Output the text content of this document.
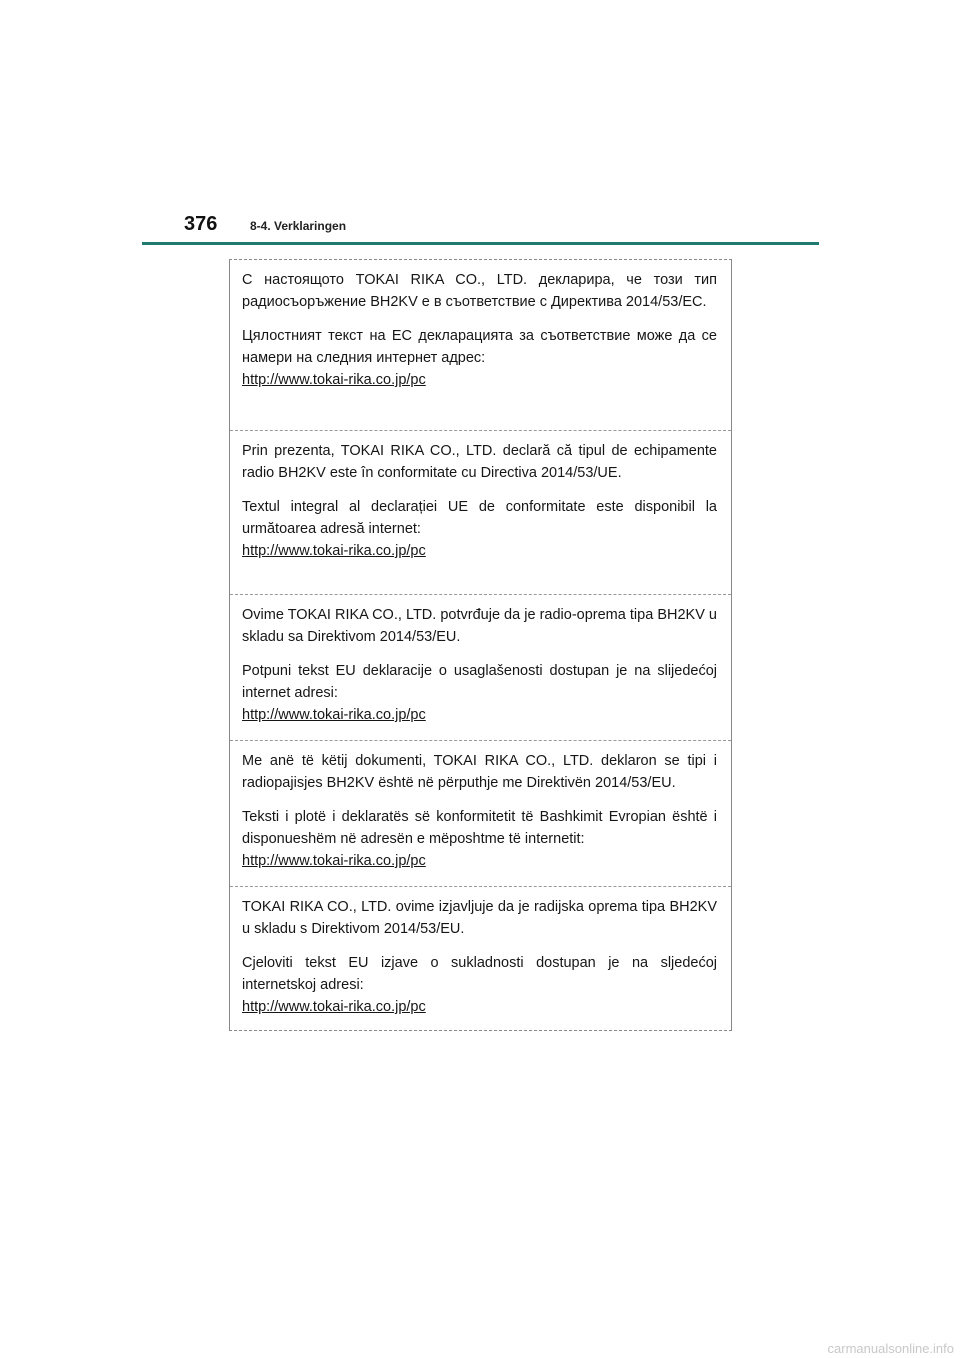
376	8-4. Verklaringen

С настоящото TOKAI RIKA CO., LTD. декларира, че този тип радиосъоръжение BH2KV е в съответствие с Директива 2014/53/ЕС.

Цялостният текст на ЕС декларацията за съответствие може да се намери на следния интернет адрес:

http://www.tokai-rika.co.jp/pc

Prin prezenta, TOKAI RIKA CO., LTD. declară că tipul de echipamente radio BH2KV este în conformitate cu Directiva 2014/53/UE.

Textul integral al declarației UE de conformitate este disponibil la următoarea adresă internet:

http://www.tokai-rika.co.jp/pc

Ovime TOKAI RIKA CO., LTD. potvrđuje da je radio-oprema tipa BH2KV u skladu sa Direktivom 2014/53/EU.

Potpuni tekst EU deklaracije o usaglašenosti dostupan je na slijedećoj internet adresi:

http://www.tokai-rika.co.jp/pc

Me anë të këtij dokumenti, TOKAI RIKA CO., LTD. deklaron se tipi i radiopajisjes BH2KV është në përputhje me Direktivën 2014/53/EU.

Teksti i plotë i deklaratës së konformitetit të Bashkimit Evropian është i disponueshëm në adresën e mëposhtme të internetit:

http://www.tokai-rika.co.jp/pc

TOKAI RIKA CO., LTD. ovime izjavljuje da je radijska oprema tipa BH2KV u skladu s Direktivom 2014/53/EU.

Cjeloviti tekst EU izjave o sukladnosti dostupan je na sljedećoj internetskoj adresi:

http://www.tokai-rika.co.jp/pc
carmanualsonline.info
